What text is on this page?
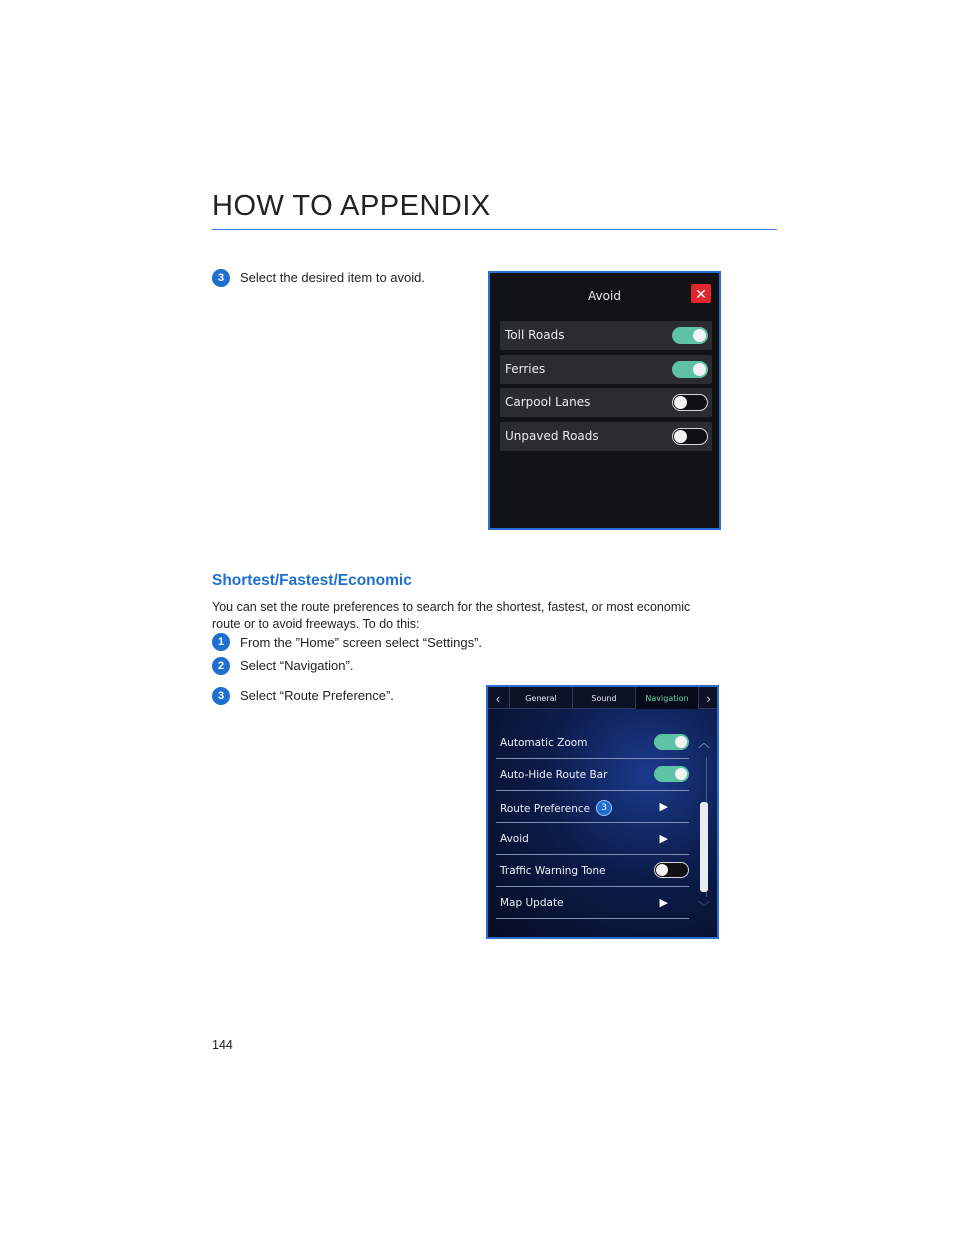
HOW TO APPENDIX
3	Select the desired item to avoid.
Avoid	✕
Toll Roads
Ferries
Carpool Lanes
Unpaved Roads
Shortest/Fastest/Economic
You can set the route preferences to search for the shortest, fastest, or most economic route or to avoid freeways. To do this:
1	From the ”Home” screen select “Settings”.
2	Select “Navigation”.
3	Select “Route Preference”.	‹	General	Sound	Navigation	›
Automatic Zoom
Auto-Hide Route Bar
Route Preference 3	▶
Avoid	▶
Traffic Warning Tone
Map Update	▶
︿
﹀
144
